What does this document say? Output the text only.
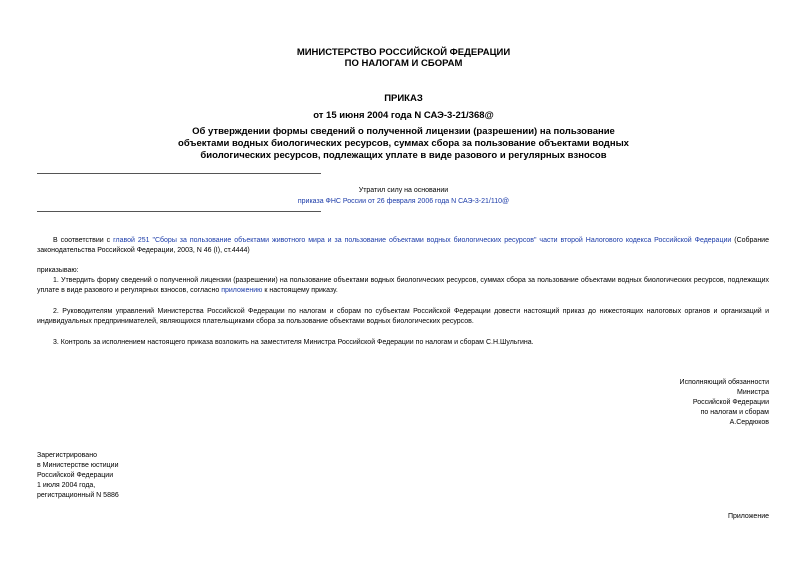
МИНИСТЕРСТВО РОССИЙСКОЙ ФЕДЕРАЦИИ
ПО НАЛОГАМ И СБОРАМ
ПРИКАЗ
от 15 июня 2004 года N САЭ-3-21/368@
Об утверждении формы сведений о полученной лицензии (разрешении) на пользование
объектами водных биологических ресурсов, суммах сбора за пользование объектами водных
биологических ресурсов, подлежащих уплате в виде разового и регулярных взносов
Утратил силу на основании
приказа ФНС России от 26 февраля 2006 года N САЭ-3-21/110@
В соответствии с главой 251 "Сборы за пользование объектами животного мира и за пользование объектами водных биологических ресурсов" части второй Налогового кодекса Российской Федерации (Собрание законодательства Российской Федерации, 2003, N 46 (I), ст.4444)
приказываю:
1. Утвердить форму сведений о полученной лицензии (разрешении) на пользование объектами водных биологических ресурсов, суммах сбора за пользование объектами водных биологических ресурсов, подлежащих уплате в виде разового и регулярных взносов, согласно приложению к настоящему приказу.
2. Руководителям управлений Министерства Российской Федерации по налогам и сборам по субъектам Российской Федерации довести настоящий приказ до нижестоящих налоговых органов и организаций и индивидуальных предпринимателей, являющихся плательщиками сбора за пользование объектами водных биологических ресурсов.
3. Контроль за исполнением настоящего приказа возложить на заместителя Министра Российской Федерации по налогам и сборам С.Н.Шульгина.
Исполняющий обязанности
Министра
Российской Федерации
по налогам и сборам
А.Сердюков
Зарегистрировано
в Министерстве юстиции
Российской Федерации
1 июля 2004 года,
регистрационный N 5886
Приложение
